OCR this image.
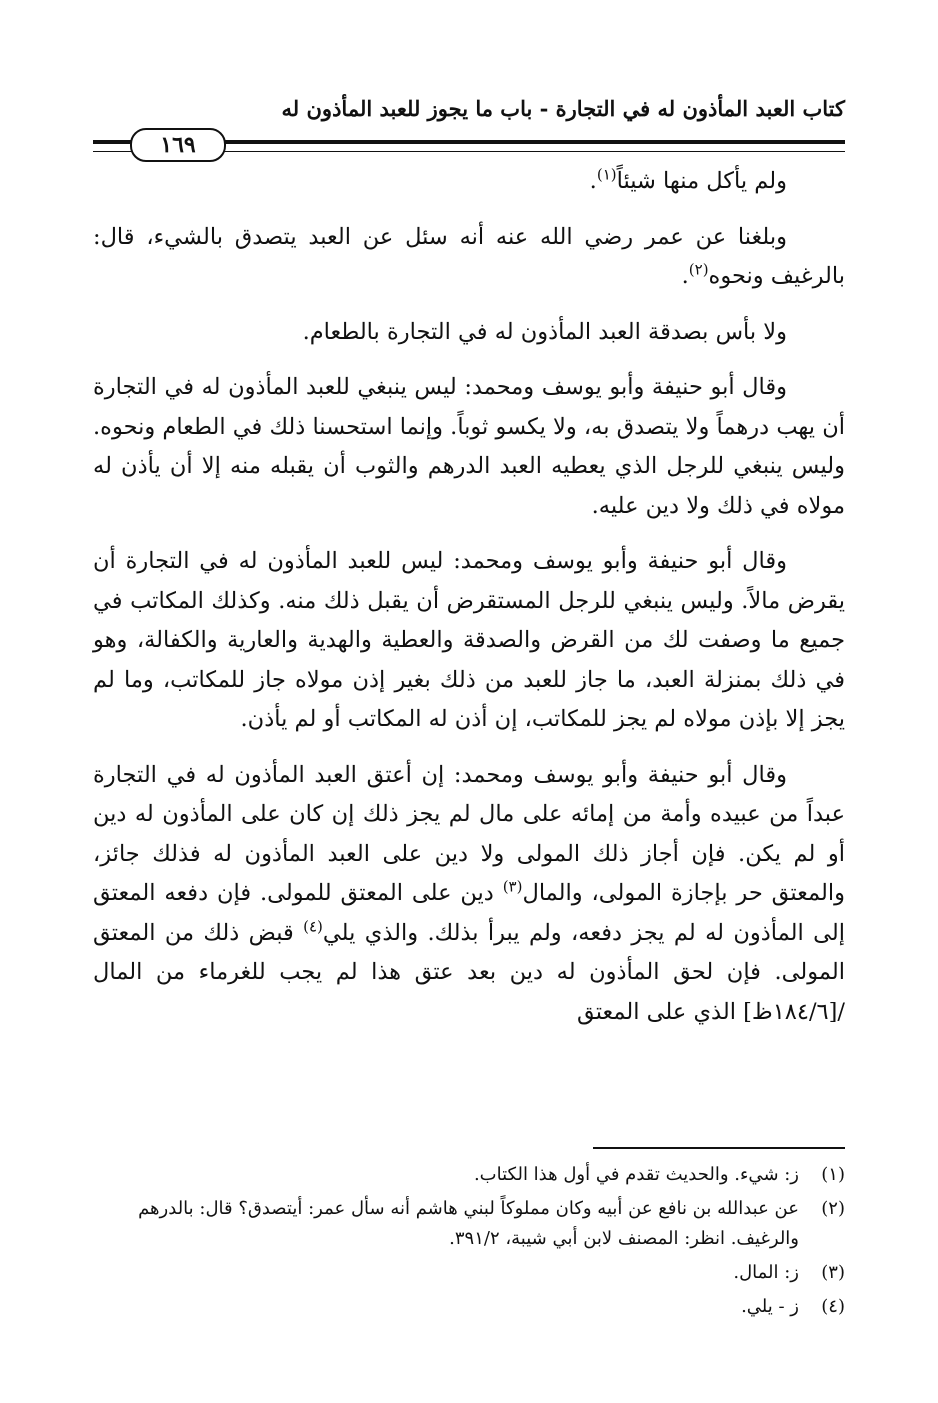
كتاب العبد المأذون له في التجارة - باب ما يجوز للعبد المأذون له
١٦٩

ولم يأكل منها شيئاً$^{(١)}$.

وبلغنا عن عمر رضي الله عنه أنه سئل عن العبد يتصدق بالشيء، قال: بالرغيف ونحوه$^{(٢)}$.

ولا بأس بصدقة العبد المأذون له في التجارة بالطعام.

وقال أبو حنيفة وأبو يوسف ومحمد: ليس ينبغي للعبد المأذون له في التجارة أن يهب درهماً ولا يتصدق به، ولا يكسو ثوباً. وإنما استحسنا ذلك في الطعام ونحوه. وليس ينبغي للرجل الذي يعطيه العبد الدرهم والثوب أن يقبله منه إلا أن يأذن له مولاه في ذلك ولا دين عليه.

وقال أبو حنيفة وأبو يوسف ومحمد: ليس للعبد المأذون له في التجارة أن يقرض مالاً. وليس ينبغي للرجل المستقرض أن يقبل ذلك منه. وكذلك المكاتب في جميع ما وصفت لك من القرض والصدقة والعطية والهدية والعارية والكفالة، وهو في ذلك بمنزلة العبد، ما جاز للعبد من ذلك بغير إذن مولاه جاز للمكاتب، وما لم يجز إلا بإذن مولاه لم يجز للمكاتب، إن أذن له المكاتب أو لم يأذن.

وقال أبو حنيفة وأبو يوسف ومحمد: إن أعتق العبد المأذون له في التجارة عبداً من عبيده وأمة من إمائه على مال لم يجز ذلك إن كان على المأذون له دين أو لم يكن. فإن أجاز ذلك المولى ولا دين على العبد المأذون له فذلك جائز، والمعتق حر بإجازة المولى، والمال$^{(٣)}$ دين على المعتق للمولى. فإن دفعه المعتق إلى المأذون له لم يجز دفعه، ولم يبرأ بذلك. والذي يلي$^{(٤)}$ قبض ذلك من المعتق المولى. فإن لحق المأذون له دين بعد عتق هذا لم يجب للغرماء من المال /[١٨٤/٦ظ] الذي على المعتق

(١)
ز: شيء. والحديث تقدم في أول هذا الكتاب.
(٢)
عن عبدالله بن نافع عن أبيه وكان مملوكاً لبني هاشم أنه سأل عمر: أيتصدق؟ قال: بالدرهم والرغيف. انظر: المصنف لابن أبي شيبة، ٣٩١/٢.
(٣)
ز: المال.
(٤)
ز - يلي.
